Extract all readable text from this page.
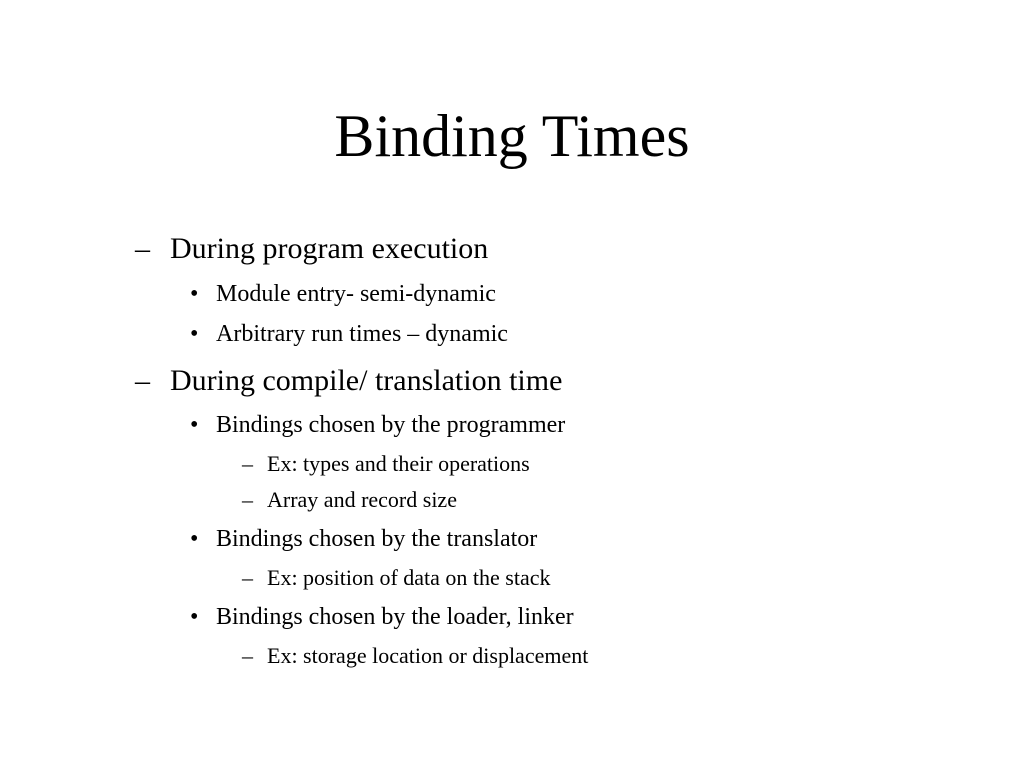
Binding Times
– During program execution
• Module entry- semi-dynamic
• Arbitrary run times – dynamic
– During compile/ translation time
• Bindings chosen by the programmer
– Ex: types and their operations
– Array and record size
• Bindings chosen by the translator
– Ex: position of data on the stack
• Bindings chosen by the loader, linker
– Ex: storage location or displacement
